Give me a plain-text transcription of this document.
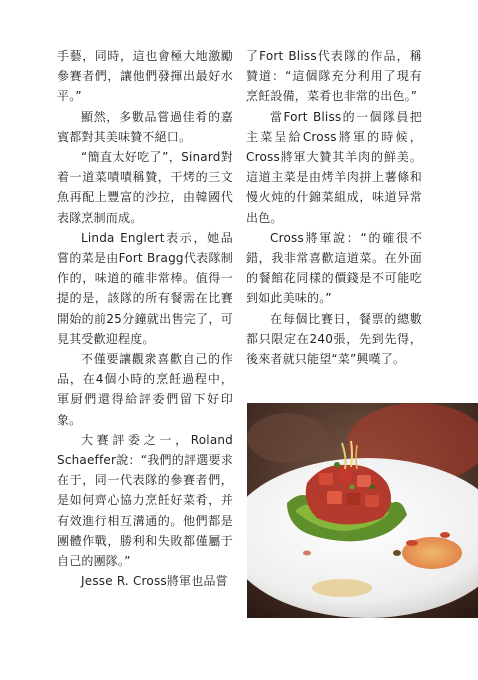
手藝，同時，這也會極大地激勵參賽者們，讓他們發揮出最好水平。”

顯然，多數品嘗過佳肴的嘉賓都對其美味贊不絕口。

“簡直太好吃了”，Sinard對着一道菜嘖嘖稱贊，干烤的三文魚再配上豐富的沙拉，由韓國代表隊烹制而成。

Linda Englert表示，她品嘗的菜是由Fort Bragg代表隊制作的，味道的確非常棒。值得一提的是，該隊的所有餐需在比賽開始的前25分鐘就出售完了，可見其受歡迎程度。

不僅要讓觀衆喜歡自己的作品，在4個小時的烹飪過程中，軍厨們還得給評委們留下好印象。

大賽評委之一，Roland Schaeffer說：“我們的評選要求在于，同一代表隊的參賽者們，是如何齊心協力烹飪好菜肴，并有效進行相互溝通的。他們都是團體作戰，勝利和失敗都僅屬于自己的團隊。”

Jesse R. Cross將軍也品嘗

了Fort Bliss代表隊的作品，稱贊道：“這個隊充分利用了現有烹飪設備，菜肴也非常的出色。”

當Fort Bliss的一個隊員把主菜呈給Cross將軍的時候，Cross將軍大贊其羊肉的鮮美。這道主菜是由烤羊肉拼上薯條和慢火炖的什錦菜組成，味道异常出色。

Cross將軍說：“的確很不錯，我非常喜歡這道菜。在外面的餐館花同樣的價錢是不可能吃到如此美味的。”

在每個比賽日，餐票的總數都只限定在240張，先到先得，後來者就只能望“菜”興嘆了。
